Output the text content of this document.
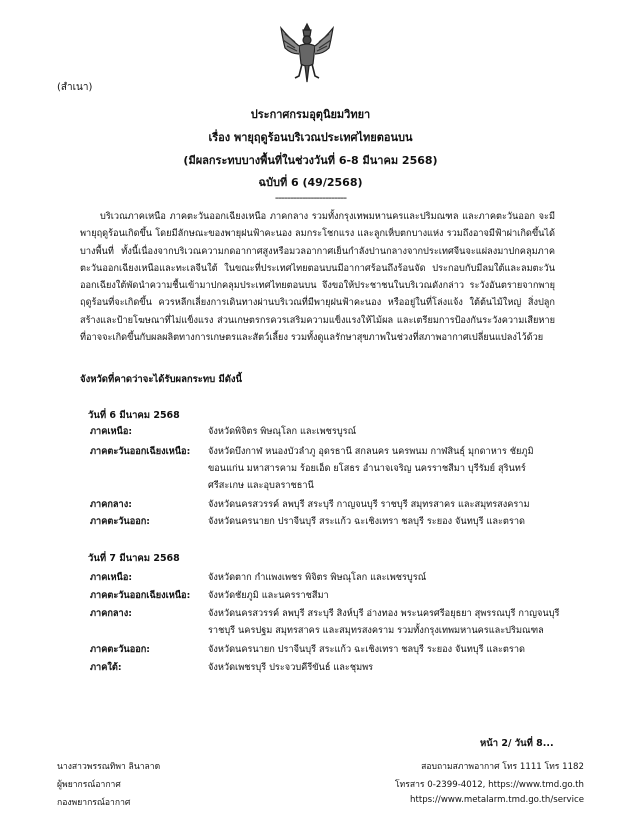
(สำเนา)
ประกาศกรมอุตุนิยมวิทยา
เรื่อง พายุฤดูร้อนบริเวณประเทศไทยตอนบน
(มีผลกระทบบางพื้นที่ในช่วงวันที่ 6-8 มีนาคม 2568)
ฉบับที่ 6 (49/2568)
------------------------
บริเวณภาคเหนือ ภาคตะวันออกเฉียงเหนือ ภาคกลาง รวมทั้งกรุงเทพมหานครและปริมณฑล และภาคตะวันออก จะมีพายุฤดูร้อนเกิดขึ้น โดยมีลักษณะของพายุฝนฟ้าคะนอง ลมกระโชกแรง และลูกเห็บตกบางแห่ง รวมถึงอาจมีฟ้าผ่าเกิดขึ้นได้บางพื้นที่ ทั้งนี้เนื่องจากบริเวณความกดอากาศสูงหรือมวลอากาศเย็นกำลังปานกลางจากประเทศจีนจะแผ่ลงมาปกคลุมภาคตะวันออกเฉียงเหนือและทะเลจีนใต้ ในขณะที่ประเทศไทยตอนบนมีอากาศร้อนถึงร้อนจัด ประกอบกับมีลมใต้และลมตะวันออกเฉียงใต้พัดนำความชื้นเข้ามาปกคลุมประเทศไทยตอนบน จึงขอให้ประชาชนในบริเวณดังกล่าว ระวังอันตรายจากพายุฤดูร้อนที่จะเกิดขึ้น ควรหลีกเลี่ยงการเดินทางผ่านบริเวณที่มีพายุฝนฟ้าคะนอง หรืออยู่ในที่โล่งแจ้ง ใต้ต้นไม้ใหญ่ สิ่งปลูกสร้างและป้ายโฆษณาที่ไม่แข็งแรง ส่วนเกษตรกรควรเสริมความแข็งแรงให้ไม้ผล และเตรียมการป้องกันระวังความเสียหายที่อาจจะเกิดขึ้นกับผลผลิตทางการเกษตรและสัตว์เลี้ยง รวมทั้งดูแลรักษาสุขภาพในช่วงที่สภาพอากาศเปลี่ยนแปลงไว้ด้วย
จังหวัดที่คาดว่าจะได้รับผลกระทบ มีดังนี้
วันที่ 6 มีนาคม 2568
ภาคเหนือ:	จังหวัดพิจิตร พิษณุโลก และเพชรบูรณ์
ภาคตะวันออกเฉียงเหนือ: จังหวัดบึงกาฬ หนองบัวลำภู อุดรธานี สกลนคร นครพนม กาฬสินธุ์ มุกดาหาร ชัยภูมิ ขอนแก่น มหาสารคาม ร้อยเอ็ด ยโสธร อำนาจเจริญ นครราชสีมา บุรีรัมย์ สุรินทร์ ศรีสะเกษ และอุบลราชธานี
ภาคกลาง:	จังหวัดนครสวรรค์ ลพบุรี สระบุรี กาญจนบุรี ราชบุรี สมุทรสาคร และสมุทรสงคราม
ภาคตะวันออก:	จังหวัดนครนายก ปราจีนบุรี สระแก้ว ฉะเชิงเทรา ชลบุรี ระยอง จันทบุรี และตราด
วันที่ 7 มีนาคม 2568
ภาคเหนือ:	จังหวัดตาก กำแพงเพชร พิจิตร พิษณุโลก และเพชรบูรณ์
ภาคตะวันออกเฉียงเหนือ: จังหวัดชัยภูมิ และนครราชสีมา
ภาคกลาง:	จังหวัดนครสวรรค์ ลพบุรี สระบุรี สิงห์บุรี อ่างทอง พระนครศรีอยุธยา สุพรรณบุรี กาญจนบุรี ราชบุรี นครปฐม สมุทรสาคร และสมุทรสงคราม รวมทั้งกรุงเทพมหานครและปริมณฑล
ภาคตะวันออก:	จังหวัดนครนายก ปราจีนบุรี สระแก้ว ฉะเชิงเทรา ชลบุรี ระยอง จันทบุรี และตราด
ภาคใต้:	จังหวัดเพชรบุรี ประจวบคีรีขันธ์ และชุมพร
หน้า 2/ วันที่ 8...
นางสาวพรรณทิพา ลินาลาด
ผู้พยากรณ์อากาศ
กองพยากรณ์อากาศ
สอบถามสภาพอากาศ โทร 1111 โทร 1182
โทรสาร 0-2399-4012, https://www.tmd.go.th
https://www.metalarm.tmd.go.th/service
